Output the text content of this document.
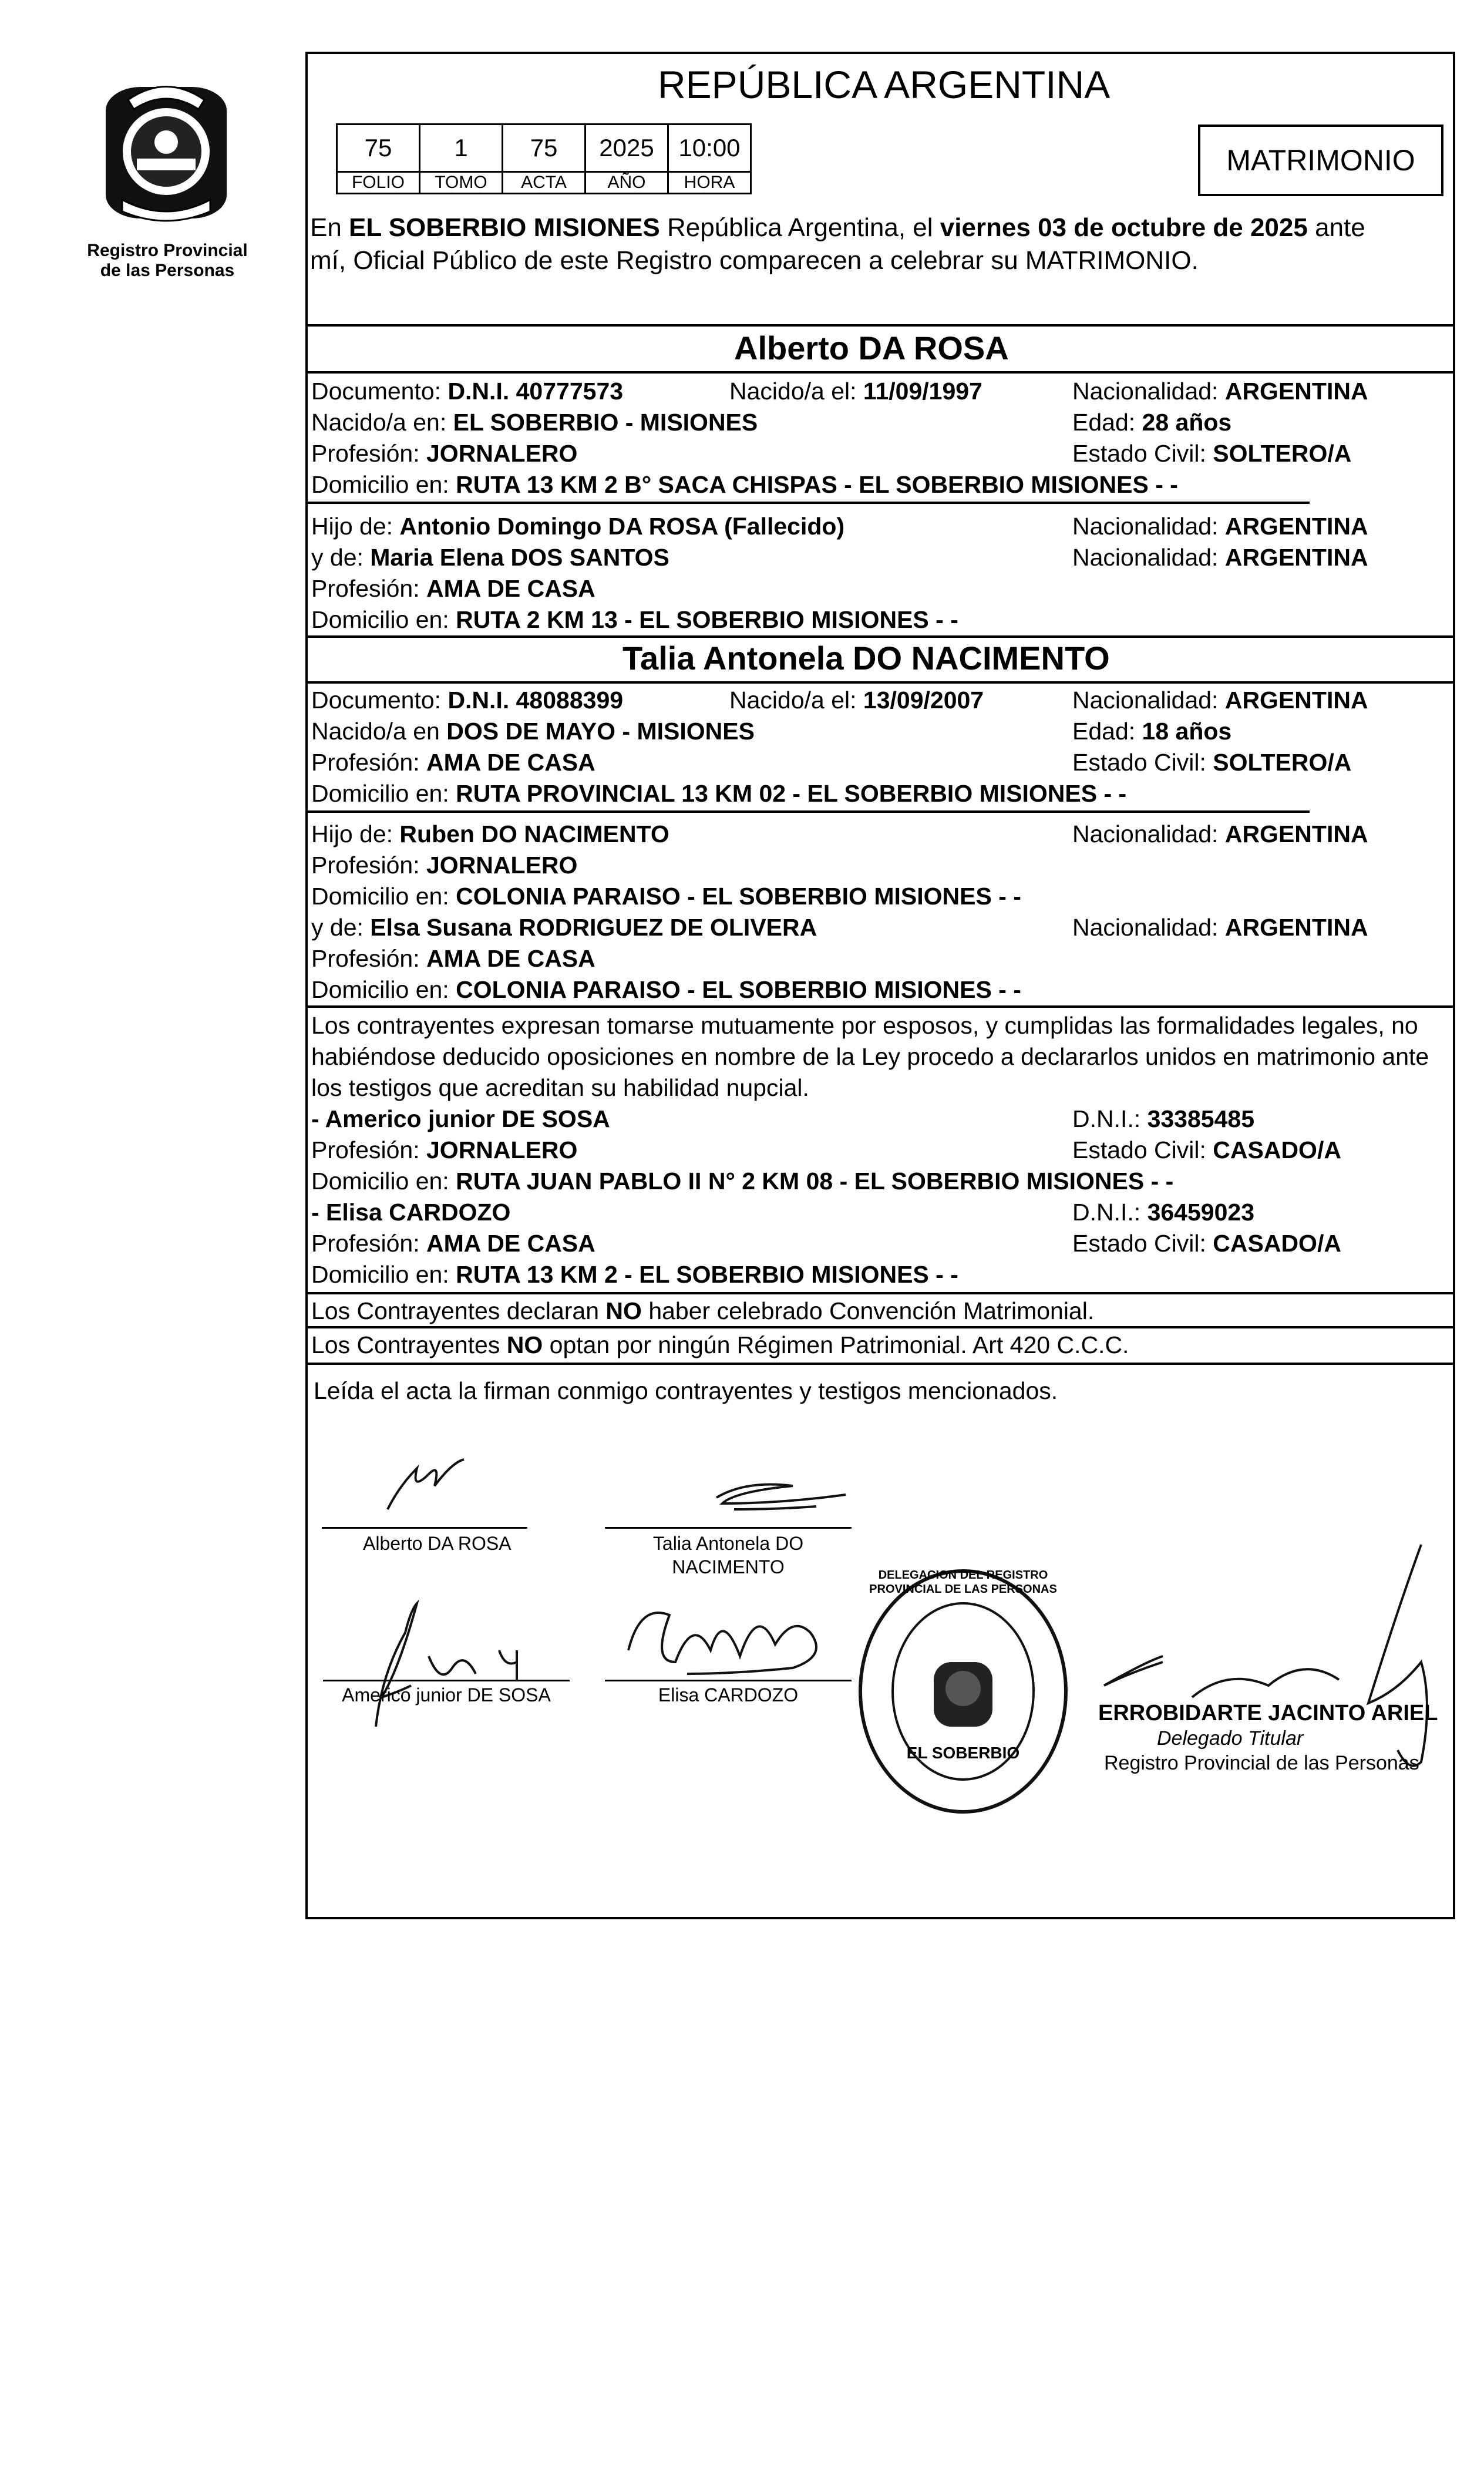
Registro Provincial
de las Personas
REPÚBLICA ARGENTINA
75	1	75	2025	10:00
FOLIO	TOMO	ACTA	AÑO	HORA
MATRIMONIO
En EL SOBERBIO MISIONES República Argentina, el viernes 03 de octubre de 2025 ante
mí, Oficial Público de este Registro comparecen a celebrar su MATRIMONIO.
Alberto DA ROSA
Documento: D.N.I. 40777573	Nacido/a el: 11/09/1997	Nacionalidad: ARGENTINA
Nacido/a en: EL SOBERBIO - MISIONES	Edad: 28 años
Profesión: JORNALERO	Estado Civil: SOLTERO/A
Domicilio en: RUTA 13 KM 2 B° SACA CHISPAS - EL SOBERBIO MISIONES - -
Hijo de: Antonio Domingo DA ROSA (Fallecido)	Nacionalidad: ARGENTINA
y de: Maria Elena DOS SANTOS	Nacionalidad: ARGENTINA
Profesión: AMA DE CASA
Domicilio en: RUTA 2 KM 13 - EL SOBERBIO MISIONES - -
Talia Antonela DO NACIMENTO
Documento: D.N.I. 48088399	Nacido/a el: 13/09/2007	Nacionalidad: ARGENTINA
Nacido/a en DOS DE MAYO - MISIONES	Edad: 18 años
Profesión: AMA DE CASA	Estado Civil: SOLTERO/A
Domicilio en: RUTA PROVINCIAL 13 KM 02 - EL SOBERBIO MISIONES - -
Hijo de: Ruben DO NACIMENTO	Nacionalidad: ARGENTINA
Profesión: JORNALERO
Domicilio en: COLONIA PARAISO - EL SOBERBIO MISIONES - -
y de: Elsa Susana RODRIGUEZ DE OLIVERA	Nacionalidad: ARGENTINA
Profesión: AMA DE CASA
Domicilio en: COLONIA PARAISO - EL SOBERBIO MISIONES - -
Los contrayentes expresan tomarse mutuamente por esposos, y cumplidas las formalidades legales, no
habiéndose deducido oposiciones en nombre de la Ley procedo a declararlos unidos en matrimonio ante
los testigos que acreditan su habilidad nupcial.
- Americo junior DE SOSA	D.N.I.: 33385485
Profesión: JORNALERO	Estado Civil: CASADO/A
Domicilio en: RUTA JUAN PABLO II N° 2 KM 08 - EL SOBERBIO MISIONES - -
- Elisa CARDOZO	D.N.I.: 36459023
Profesión: AMA DE CASA	Estado Civil: CASADO/A
Domicilio en: RUTA 13 KM 2 - EL SOBERBIO MISIONES - -
Los Contrayentes declaran NO haber celebrado Convención Matrimonial.
Los Contrayentes NO optan por ningún Régimen Patrimonial. Art 420 C.C.C.
Leída el acta la firman conmigo contrayentes y testigos mencionados.
Alberto DA ROSA	Talia Antonela DO
NACIMENTO
Americo junior DE SOSA	Elisa CARDOZO
DELEGACION DEL REGISTRO PROVINCIAL DE LAS PERSONAS
EL SOBERBIO
ERROBIDARTE JACINTO ARIEL
Delegado Titular
Registro Provincial de las Personas
